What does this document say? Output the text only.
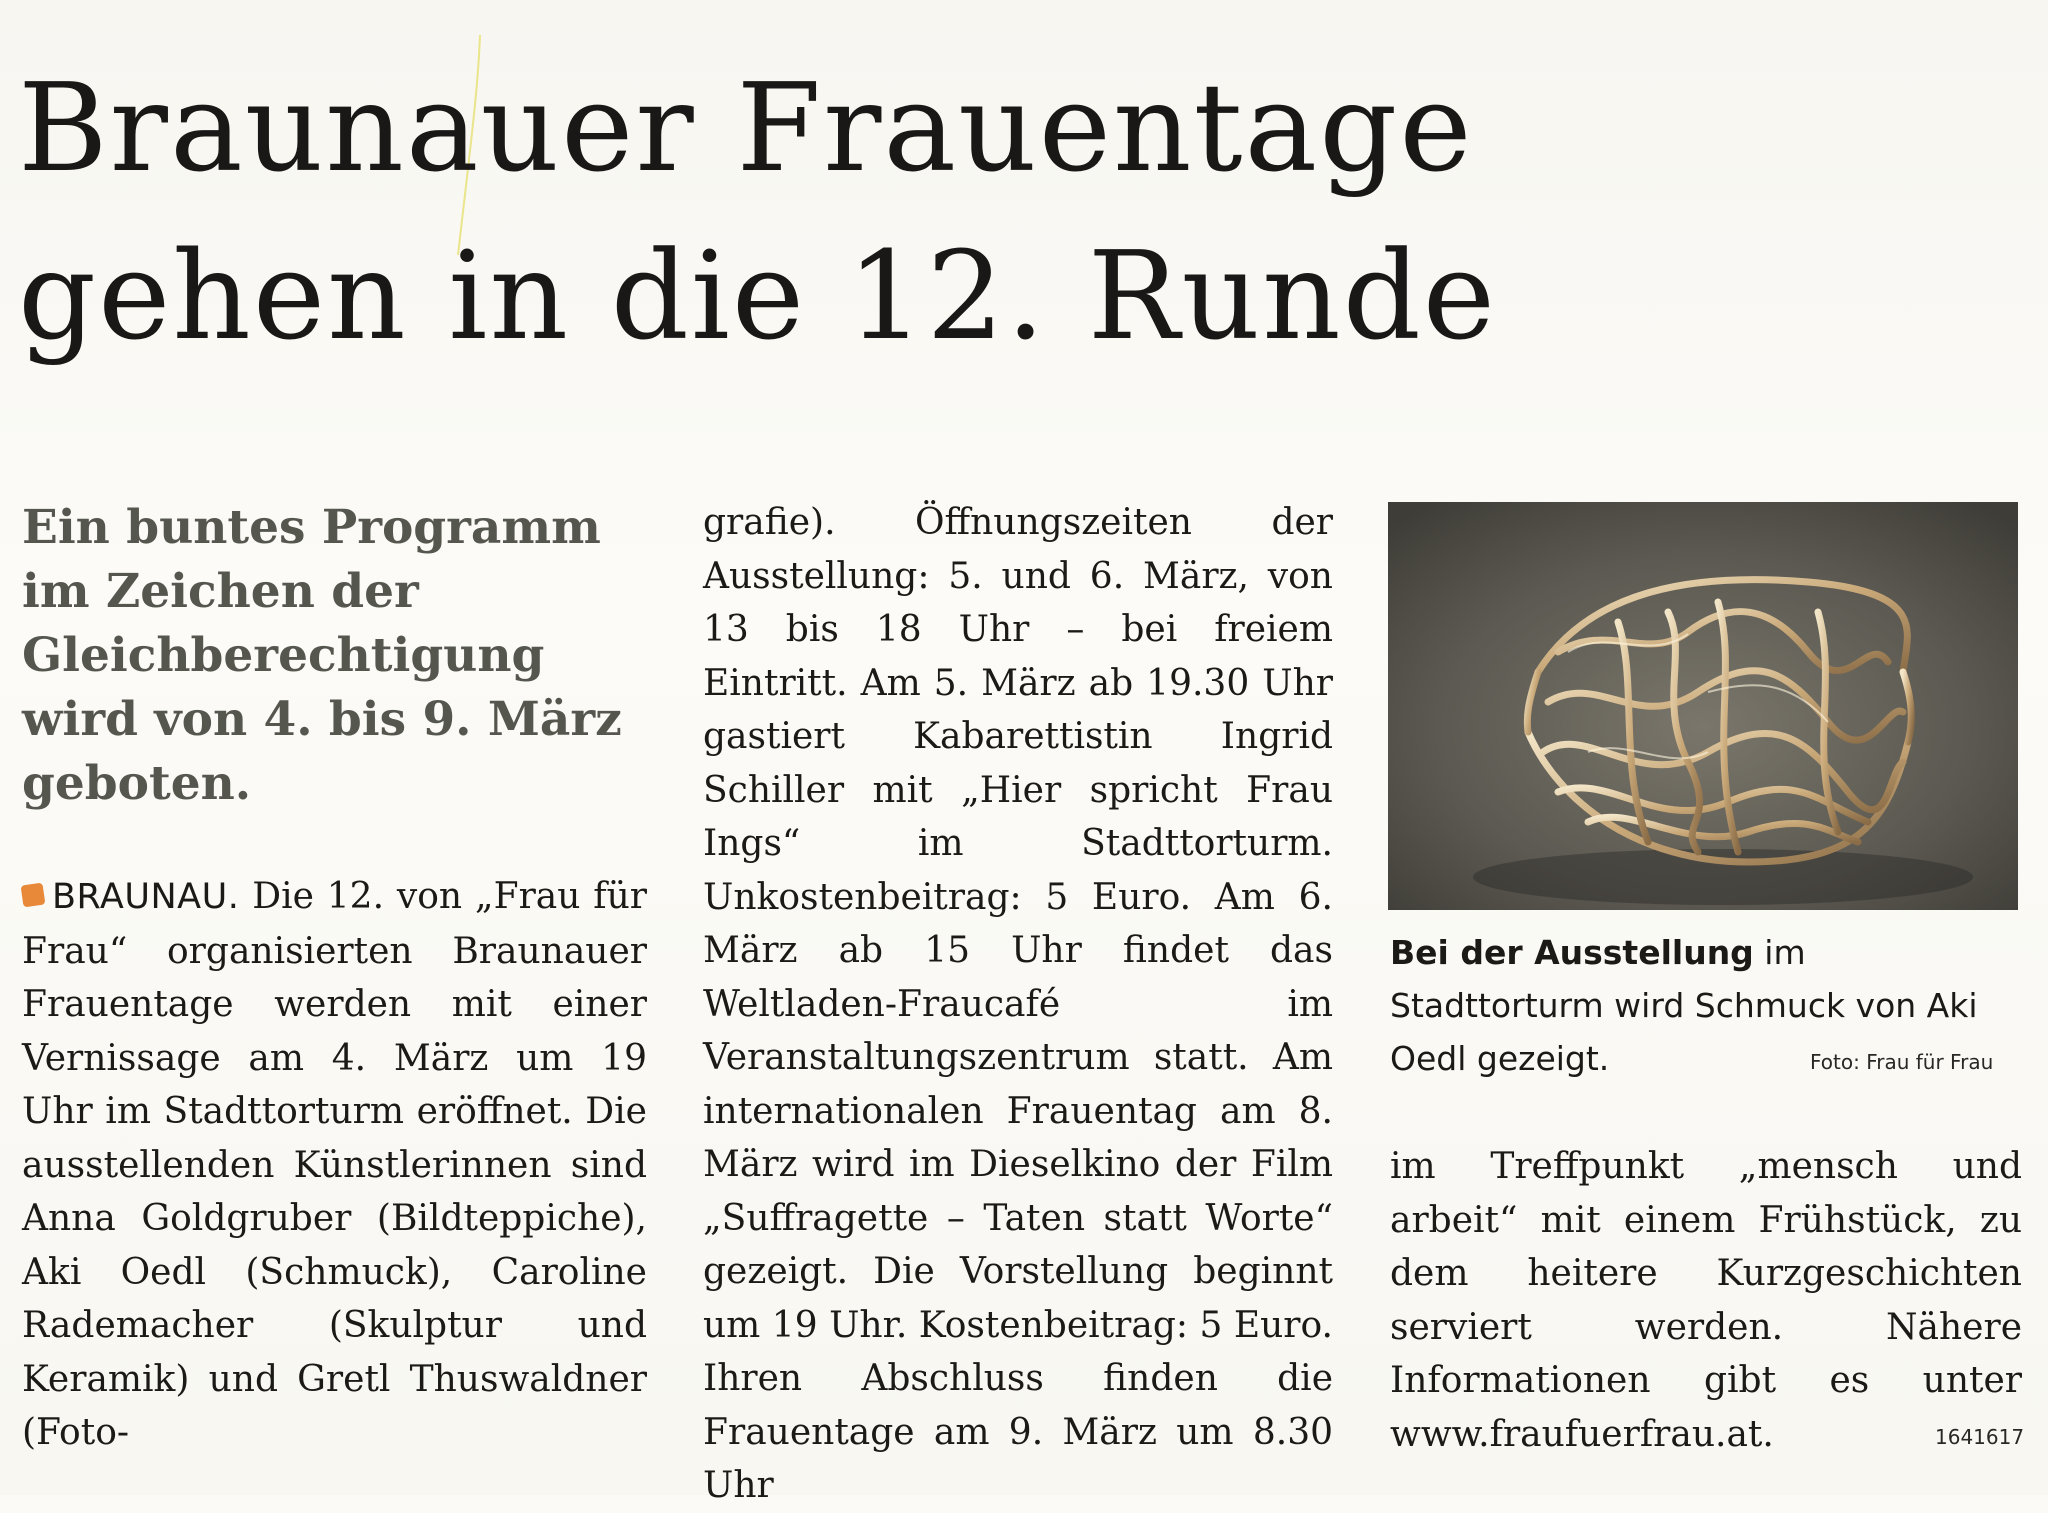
Braunauer Frauentage
gehen in die 12. Runde

Ein buntes Programm im Zeichen der Gleichberechtigung wird von 4. bis 9. März geboten.

BRAUNAU. Die 12. von „Frau für Frau“ organisierten Braunauer Frauentage werden mit einer Vernissage am 4. März um 19 Uhr im Stadttorturm eröffnet. Die ausstellenden Künstlerinnen sind Anna Goldgruber (Bildteppiche), Aki Oedl (Schmuck), Caroline Rademacher (Skulptur und Keramik) und Gretl Thuswaldner (Foto-

grafie). Öffnungszeiten der Ausstellung: 5. und 6. März, von 13 bis 18 Uhr – bei freiem Eintritt. Am 5. März ab 19.30 Uhr gastiert Kabarettistin Ingrid Schiller mit „Hier spricht Frau Ings“ im Stadttorturm. Unkostenbeitrag: 5 Euro. Am 6. März ab 15 Uhr findet das Weltladen-Fraucafé im Veranstaltungszentrum statt. Am internationalen Frauentag am 8. März wird im Dieselkino der Film „Suffragette – Taten statt Worte“ gezeigt. Die Vorstellung beginnt um 19 Uhr. Kostenbeitrag: 5 Euro. Ihren Abschluss finden die Frauentage am 9. März um 8.30 Uhr

Bei der Ausstellung im Stadttorturm wird Schmuck von Aki Oedl gezeigt.	Foto: Frau für Frau

im Treffpunkt „mensch und arbeit“ mit einem Frühstück, zu dem heitere Kurzgeschichten serviert werden. Nähere Informationen gibt es unter www.fraufuerfrau.at.	1641617
